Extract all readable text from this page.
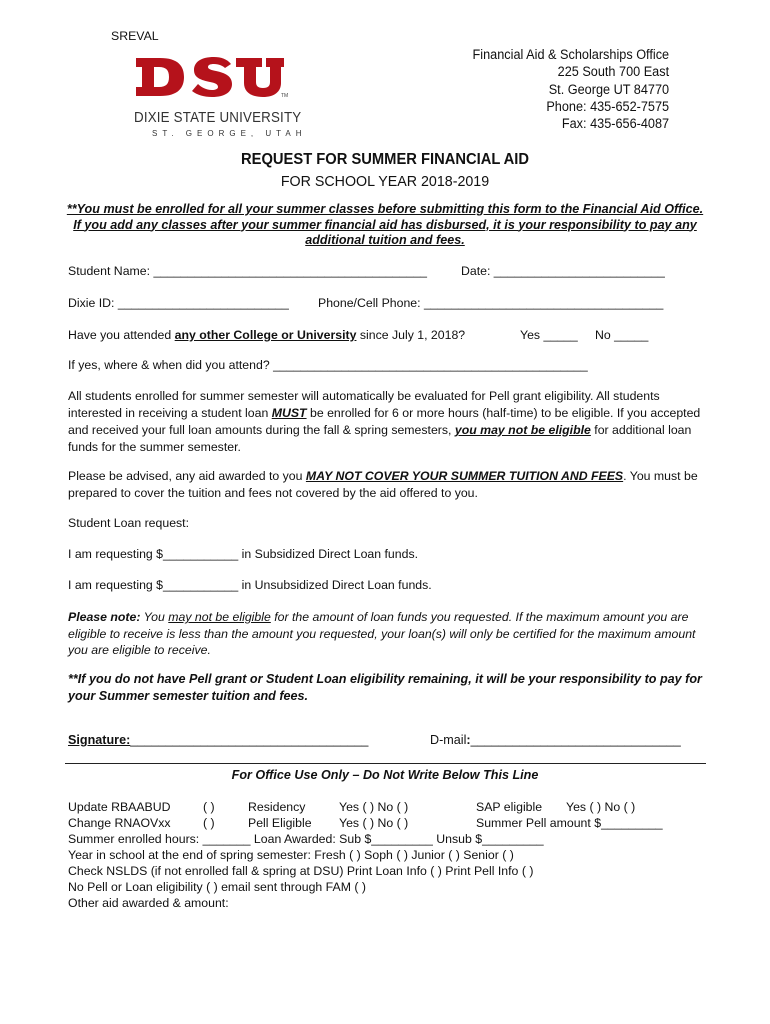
SREVAL
TM
DIXIE STATE UNIVERSITY
ST. GEORGE, UTAH
Financial Aid & Scholarships Office
225 South 700 East
St. George UT 84770
Phone: 435-652-7575
Fax: 435-656-4087
REQUEST FOR SUMMER FINANCIAL AID
FOR SCHOOL YEAR 2018-2019
**You must be enrolled for all your summer classes before submitting this form to the Financial Aid Office. If you add any classes after your summer financial aid has disbursed, it is your responsibility to pay any additional tuition and fees.
Student Name: ________________________________________	Date: _________________________
Dixie ID: _________________________ Phone/Cell Phone: ___________________________________
Have you attended any other College or University since July 1, 2018?	Yes _____ No _____
If yes, where & when did you attend? ______________________________________________
All students enrolled for summer semester will automatically be evaluated for Pell grant eligibility. All students interested in receiving a student loan MUST be enrolled for 6 or more hours (half-time) to be eligible. If you accepted and received your full loan amounts during the fall & spring semesters, you may not be eligible for additional loan funds for the summer semester.
Please be advised, any aid awarded to you MAY NOT COVER YOUR SUMMER TUITION AND FEES. You must be prepared to cover the tuition and fees not covered by the aid offered to you.
Student Loan request:
I am requesting $___________ in Subsidized Direct Loan funds.
I am requesting $___________ in Unsubsidized Direct Loan funds.
Please note: You may not be eligible for the amount of loan funds you requested. If the maximum amount you are eligible to receive is less than the amount you requested, your loan(s) will only be certified for the maximum amount you are eligible to receive.
**If you do not have Pell grant or Student Loan eligibility remaining, it will be your responsibility to pay for your Summer semester tuition and fees.
Signature:__________________________________	D-mail:______________________________
For Office Use Only – Do Not Write Below This Line
Update RBAABUD	( )	Residency	Yes ( ) No ( )	SAP eligible Yes ( ) No ( )
Change RNAOVxx	( )	Pell Eligible Yes ( ) No ( )	Summer Pell amount $_________
Summer enrolled hours: _______ Loan Awarded: Sub $_________ Unsub $_________
Year in school at the end of spring semester: Fresh ( ) Soph ( ) Junior ( ) Senior ( )
Check NSLDS (if not enrolled fall & spring at DSU) Print Loan Info ( ) Print Pell Info ( )
No Pell or Loan eligibility ( ) email sent through FAM ( )
Other aid awarded & amount:
